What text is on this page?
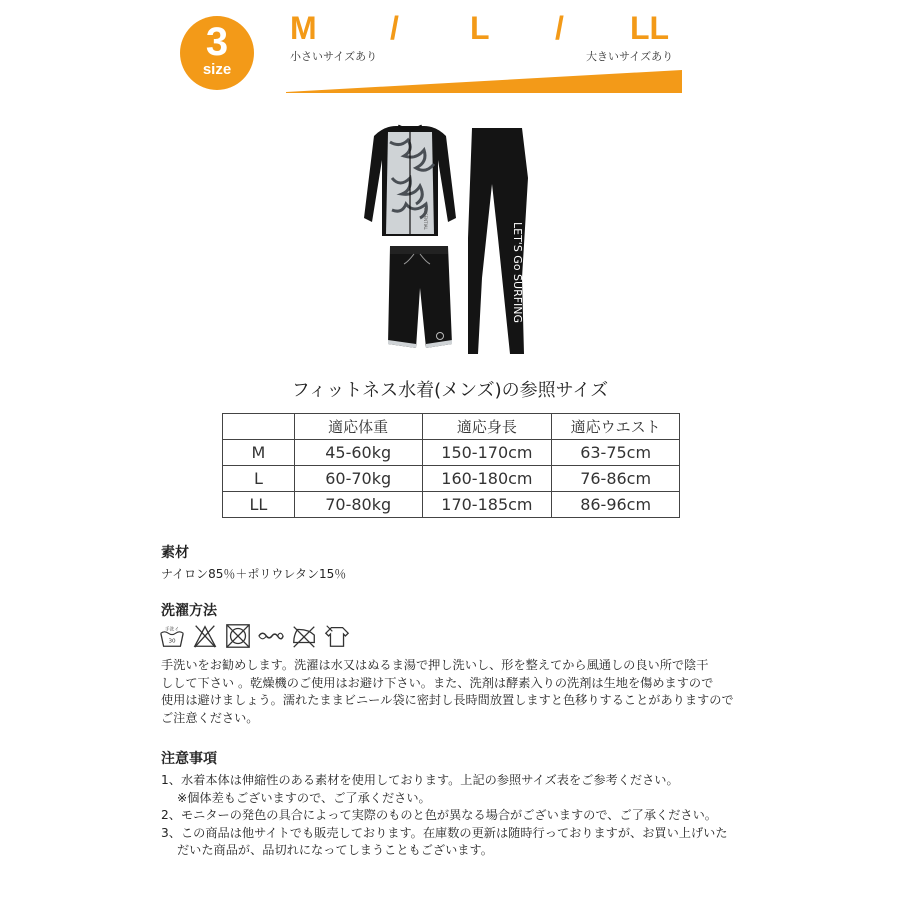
3
size
M / L / LL
小さいサイズあり	大きいサイズあり
ESSENTIAL
LET'S Go SURFING
フィットネス水着(メンズ)の参照サイズ
	適応体重	適応身長	適応ウエスト
M	45-60kg	150-170cm	63-75cm
L	60-70kg	160-180cm	76-86cm
LL	70-80kg	170-185cm	86-96cm
素材
ナイロン85％＋ポリウレタン15％
洗濯方法
手洗イ
30
手洗いをお勧めします。洗濯は水又はぬるま湯で押し洗いし、形を整えてから風通しの良い所で陰干
しして下さい 。乾燥機のご使用はお避け下さい。また、洗剤は酵素入りの洗剤は生地を傷めますので
使用は避けましょう。濡れたままビニール袋に密封し長時間放置しますと色移りすることがありますので
ご注意ください。
注意事項
1、水着本体は伸縮性のある素材を使用しております。上記の参照サイズ表をご参考ください。
※個体差もございますので、ご了承ください。
2、モニターの発色の具合によって実際のものと色が異なる場合がございますので、ご了承ください。
3、この商品は他サイトでも販売しております。在庫数の更新は随時行っておりますが、お買い上げいた
だいた商品が、品切れになってしまうこともございます。
